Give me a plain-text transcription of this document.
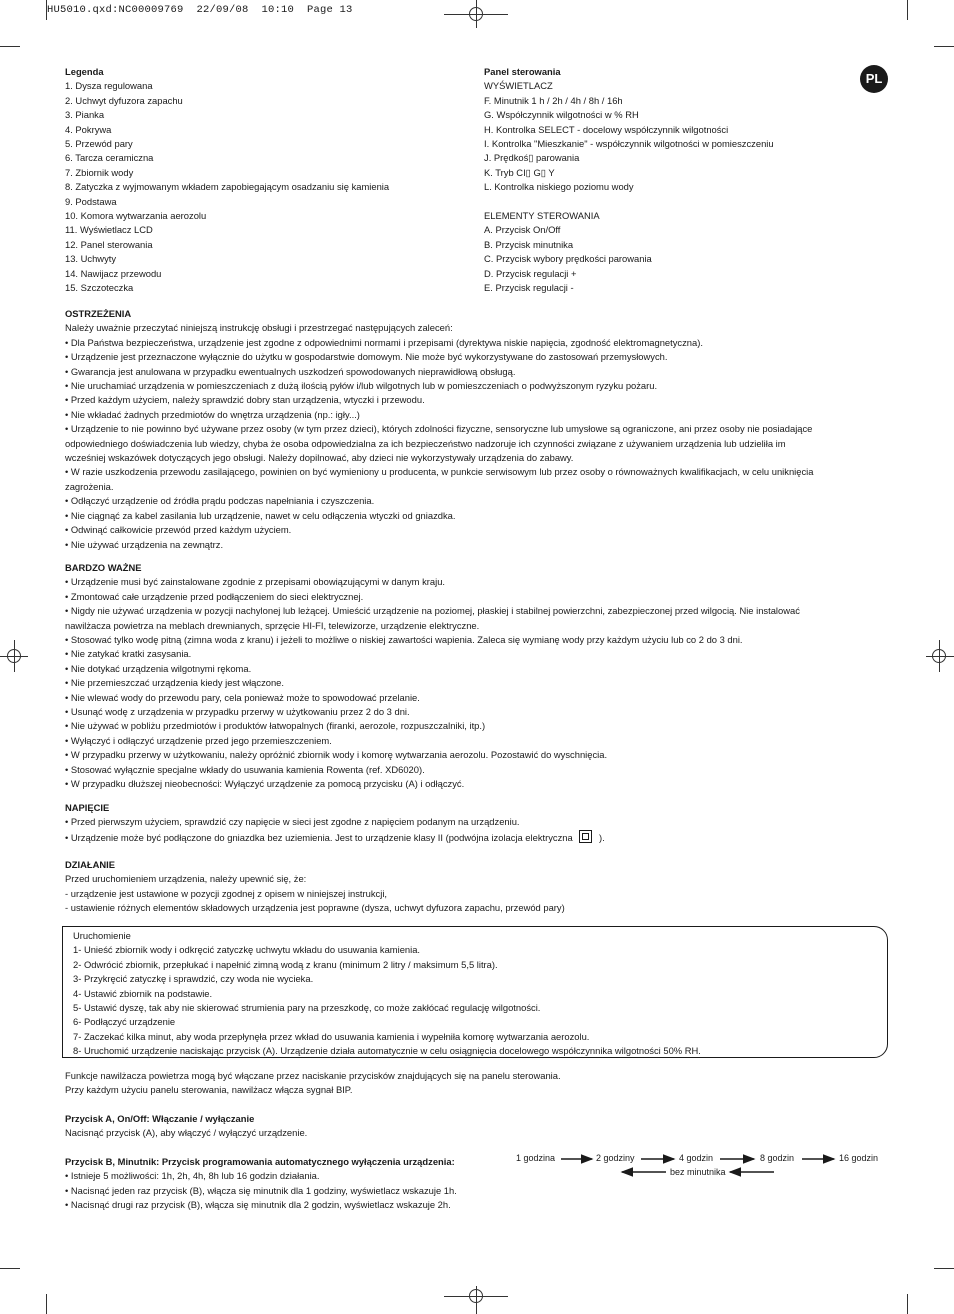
HU5010.qxd:NC00009769  22/09/08  10:10  Page 13
PL
Legenda
1. Dysza regulowana
2. Uchwyt dyfuzora zapachu
3. Pianka
4. Pokrywa
5. Przewód pary
6. Tarcza ceramiczna
7. Zbiornik wody
8. Zatyczka z wyjmowanym wkładem zapobiegającym osadzaniu się kamienia
9. Podstawa
10. Komora wytwarzania aerozolu
11. Wyświetlacz LCD
12. Panel sterowania
13. Uchwyty
14. Nawijacz przewodu
15. Szczoteczka
Panel sterowania
WYŚWIETLACZ
F. Minutnik 1 h / 2h / 4h / 8h / 16h
G. Współczynnik wilgotności w % RH
H. Kontrolka SELECT - docelowy współczynnik wilgotności
I. Kontrolka "Mieszkanie" - współczynnik wilgotności w pomieszczeniu
J. Prędkoś▯ parowania
K. Tryb CI▯ G▯ Y
L. Kontrolka niskiego poziomu wody
ELEMENTY STEROWANIA
A. Przycisk On/Off
B. Przycisk minutnika
C. Przycisk wybory prędkości parowania
D. Przycisk regulacji +
E. Przycisk regulacji -
OSTRZEŻENIA
Należy uważnie przeczytać niniejszą instrukcję obsługi i przestrzegać następujących zaleceń:
• Dla Państwa bezpieczeństwa, urządzenie jest zgodne z odpowiednimi normami i przepisami (dyrektywa niskie napięcia, zgodność elektromagnetyczna).
• Urządzenie jest przeznaczone wyłącznie do użytku w gospodarstwie domowym. Nie może być wykorzystywane do zastosowań przemysłowych.
• Gwarancja jest anulowana w przypadku ewentualnych uszkodzeń spowodowanych nieprawidłową obsługą.
• Nie uruchamiać urządzenia w pomieszczeniach z dużą ilością pyłów i/lub wilgotnych lub w pomieszczeniach o podwyższonym ryzyku pożaru.
• Przed każdym użyciem, należy sprawdzić dobry stan urządzenia, wtyczki i przewodu.
• Nie wkładać żadnych przedmiotów do wnętrza urządzenia (np.: igły...)
• Urządzenie to nie powinno być używane przez osoby (w tym przez dzieci), których zdolności fizyczne, sensoryczne lub umysłowe są ograniczone, ani przez osoby nie posiadające
odpowiedniego doświadczenia lub wiedzy, chyba że osoba odpowiedzialna za ich bezpieczeństwo nadzoruje ich czynności związane z używaniem urządzenia lub udzieliła im
wcześniej wskazówek dotyczących jego obsługi. Należy dopilnować, aby dzieci nie wykorzystywały urządzenia do zabawy.
• W razie uszkodzenia przewodu zasilającego, powinien on być wymieniony u producenta, w punkcie serwisowym lub przez osoby o równoważnych kwalifikacjach, w celu uniknięcia
zagrożenia.
• Odłączyć urządzenie od źródła prądu podczas napełniania i czyszczenia.
• Nie ciągnąć za kabel zasilania lub urządzenie, nawet w celu odłączenia wtyczki od gniazdka.
• Odwinąć całkowicie przewód przed każdym użyciem.
• Nie używać urządzenia na zewnątrz.
BARDZO WAŻNE
• Urządzenie musi być zainstalowane zgodnie z przepisami obowiązującymi w danym kraju.
• Zmontować całe urządzenie przed podłączeniem do sieci elektrycznej.
• Nigdy nie używać urządzenia w pozycji nachylonej lub leżącej. Umieścić urządzenie na poziomej, płaskiej i stabilnej powierzchni, zabezpieczonej przed wilgocią. Nie instalować
nawilżacza powietrza na meblach drewnianych, sprzęcie HI-FI, telewizorze, urządzenie elektryczne.
• Stosować tylko wodę pitną (zimna woda z kranu) i jeżeli to możliwe o niskiej zawartości wapienia. Zaleca się wymianę wody przy każdym użyciu lub co 2 do 3 dni.
• Nie zatykać kratki zasysania.
• Nie dotykać urządzenia wilgotnymi rękoma.
• Nie przemieszczać urządzenia kiedy jest włączone.
• Nie wlewać wody do przewodu pary, cela ponieważ może to spowodować przelanie.
• Usunąć wodę z urządzenia w przypadku przerwy w użytkowaniu przez 2 do 3 dni.
• Nie używać w pobliżu przedmiotów i produktów łatwopalnych (firanki, aerozole, rozpuszczalniki, itp.)
• Wyłączyć i odłączyć urządzenie przed jego przemieszczeniem.
• W przypadku przerwy w użytkowaniu, należy opróżnić zbiornik wody i komorę wytwarzania aerozolu. Pozostawić do wyschnięcia.
• Stosować wyłącznie specjalne wkłady do usuwania kamienia Rowenta (ref. XD6020).
• W przypadku dłuższej nieobecności: Wyłączyć urządzenie za pomocą przycisku (A) i odłączyć.
NAPIĘCIE
• Przed pierwszym użyciem, sprawdzić czy napięcie w sieci jest zgodne z napięciem podanym na urządzeniu.
• Urządzenie może być podłączone do gniazdka bez uziemienia. Jest to urządzenie klasy II (podwójna izolacja elektryczna	).
DZIAŁANIE
Przed uruchomieniem urządzenia, należy upewnić się, że:
- urządzenie jest ustawione w pozycji zgodnej z opisem w niniejszej instrukcji,
- ustawienie różnych elementów składowych urządzenia jest poprawne (dysza, uchwyt dyfuzora zapachu, przewód pary)
Uruchomienie
1- Unieść zbiornik wody i odkręcić zatyczkę uchwytu wkładu do usuwania kamienia.
2- Odwrócić zbiornik, przepłukać i napełnić zimną wodą z kranu (minimum 2 litry / maksimum 5,5 litra).
3- Przykręcić zatyczkę i sprawdzić, czy woda nie wycieka.
4- Ustawić zbiornik na podstawie.
5- Ustawić dyszę, tak aby nie skierować strumienia pary na przeszkodę, co może zakłócać regulację wilgotności.
6- Podłączyć urządzenie
7- Zaczekać kilka minut, aby woda przepłynęła przez wkład do usuwania kamienia i wypełniła komorę wytwarzania aerozolu.
8- Uruchomić urządzenie naciskając przycisk (A). Urządzenie działa automatycznie w celu osiągnięcia docelowego współczynnika wilgotności 50% RH.
Funkcje nawilżacza powietrza mogą być włączane przez naciskanie przycisków znajdujących się na panelu sterowania.
Przy każdym użyciu panelu sterowania, nawilżacz włącza sygnał BIP.
Przycisk A, On/Off: Włączanie / wyłączanie
Nacisnąć przycisk (A), aby włączyć / wyłączyć urządzenie.
Przycisk B, Minutnik: Przycisk programowania automatycznego wyłączenia urządzenia:
• Istnieje 5 możliwości: 1h, 2h, 4h, 8h lub 16 godzin działania.
• Nacisnąć jeden raz przycisk (B), włącza się minutnik dla 1 godziny, wyświetlacz wskazuje 1h.
• Nacisnąć drugi raz przycisk (B), włącza się minutnik dla 2 godzin, wyświetlacz wskazuje 2h.
1 godzina	2 godziny	4 godzin	8 godzin	16 godzin
bez minutnika
